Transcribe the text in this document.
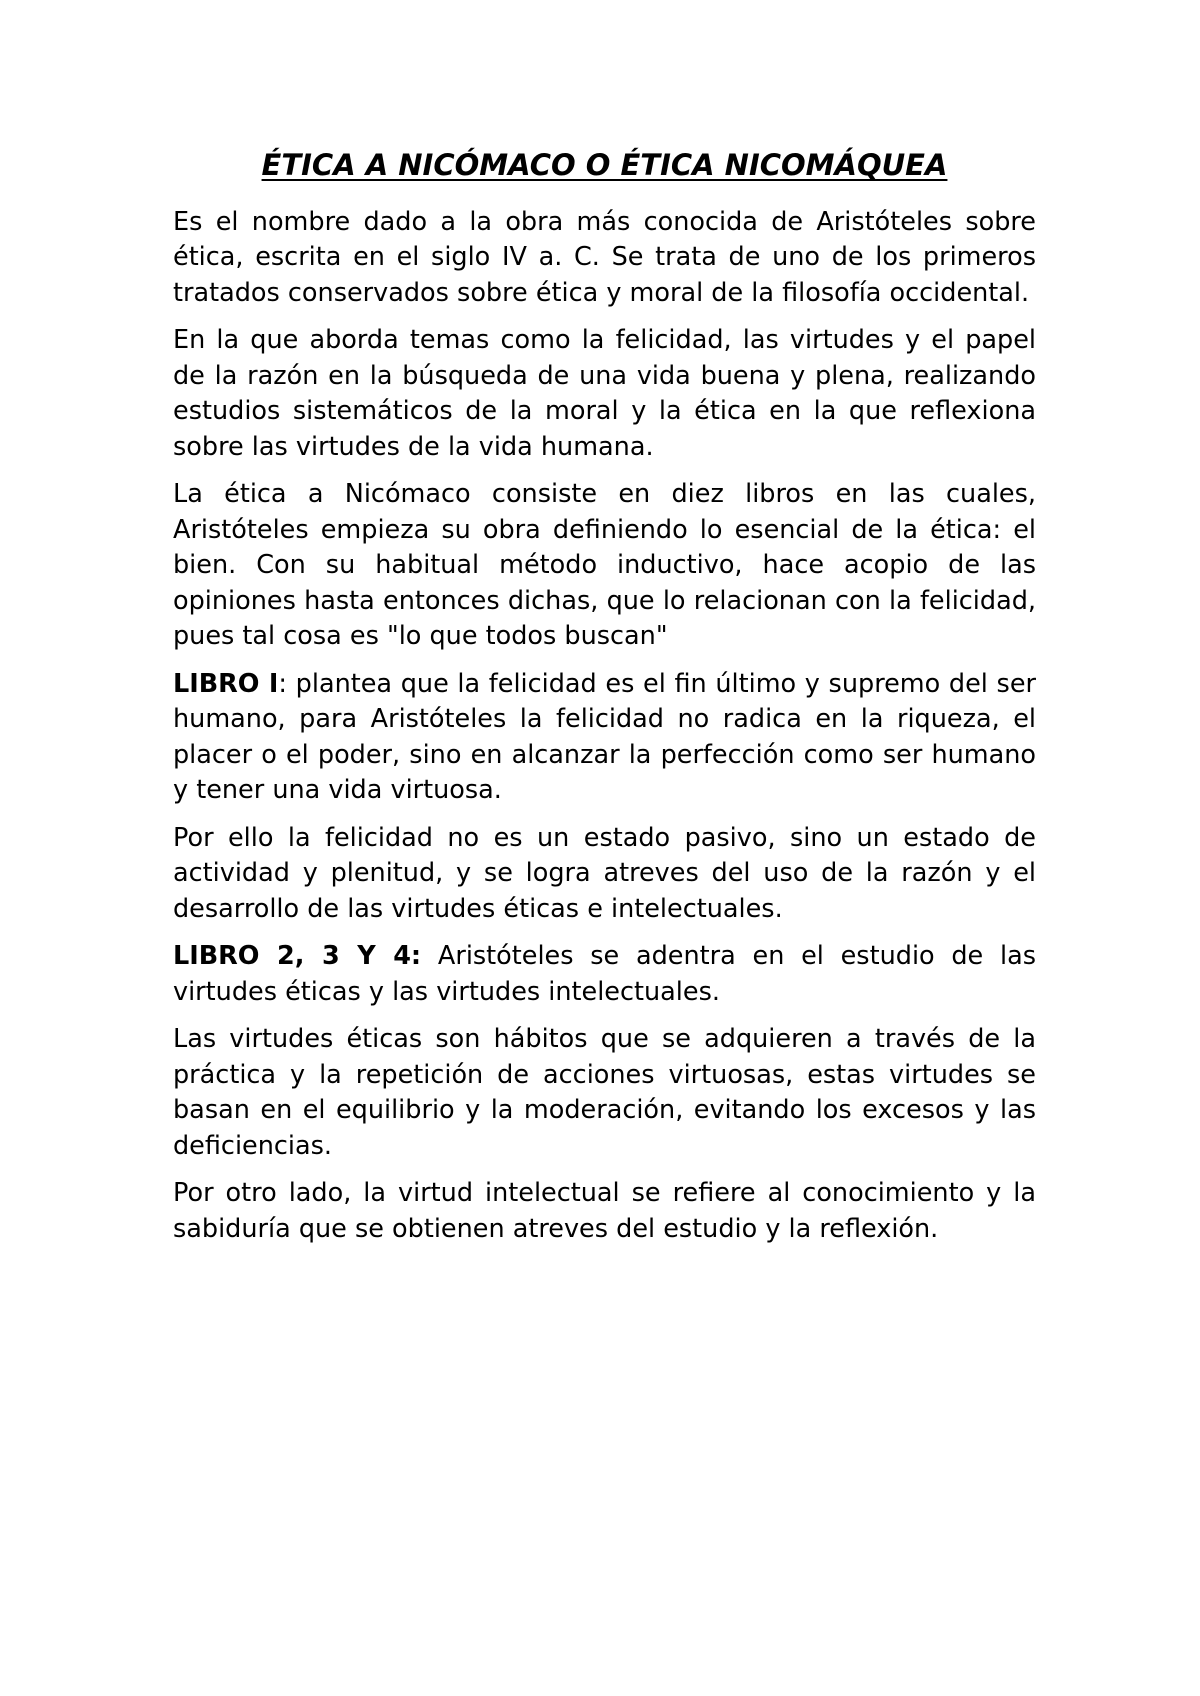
ÉTICA A NICÓMACO O ÉTICA NICOMÁQUEA

Es el nombre dado a la obra más conocida de Aristóteles sobre ética, escrita en el siglo IV a. C. Se trata de uno de los primeros tratados conservados sobre ética y moral de la filosofía occidental.

En la que aborda temas como la felicidad, las virtudes y el papel de la razón en la búsqueda de una vida buena y plena, realizando estudios sistemáticos de la moral y la ética en la que reflexiona sobre las virtudes de la vida humana.

La ética a Nicómaco consiste en diez libros en las cuales, Aristóteles empieza su obra definiendo lo esencial de la ética: el bien. Con su habitual método inductivo, hace acopio de las opiniones hasta entonces dichas, que lo relacionan con la felicidad, pues tal cosa es "lo que todos buscan"

LIBRO I: plantea que la felicidad es el fin último y supremo del ser humano, para Aristóteles la felicidad no radica en la riqueza, el placer o el poder, sino en alcanzar la perfección como ser humano y tener una vida virtuosa.

Por ello la felicidad no es un estado pasivo, sino un estado de actividad y plenitud, y se logra atreves del uso de la razón y el desarrollo de las virtudes éticas e intelectuales.

LIBRO 2, 3 Y 4: Aristóteles se adentra en el estudio de las virtudes éticas y las virtudes intelectuales.

Las virtudes éticas son hábitos que se adquieren a través de la práctica y la repetición de acciones virtuosas, estas virtudes se basan en el equilibrio y la moderación, evitando los excesos y las deficiencias.

Por otro lado, la virtud intelectual se refiere al conocimiento y la sabiduría que se obtienen atreves del estudio y la reflexión.
